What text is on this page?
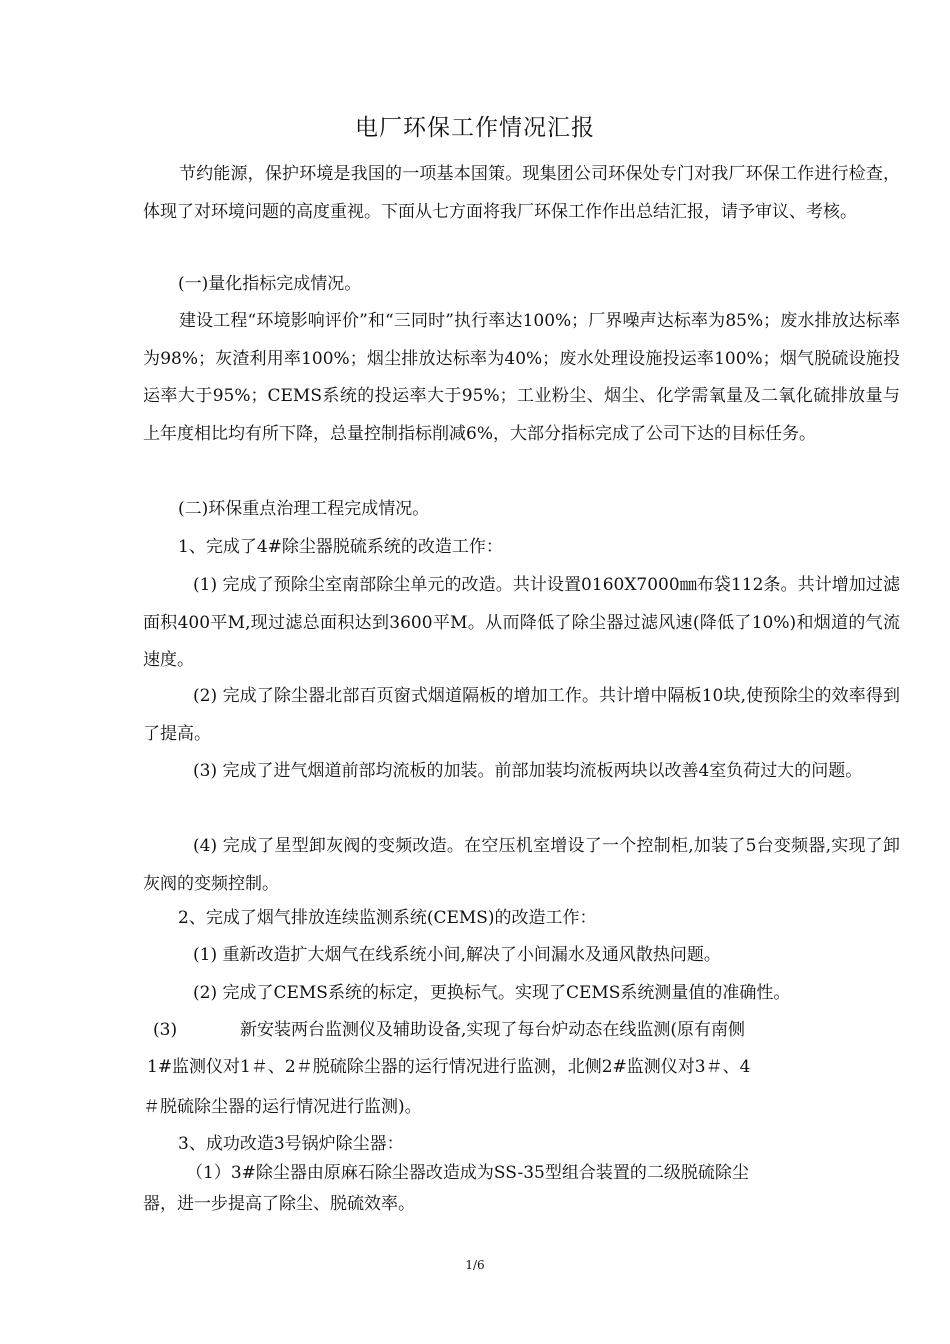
电厂环保工作情况汇报

节约能源，保护环境是我国的一项基本国策。现集团公司环保处专门对我厂环保工作进行检查，体现了对环境问题的高度重视。下面从七方面将我厂环保工作作出总结汇报，请予审议、考核。

(一)量化指标完成情况。

建设工程“环境影响评价”和“三同时”执行率达100%；厂界噪声达标率为85%；废水排放达标率为98%；灰渣利用率100%；烟尘排放达标率为40%；废水处理设施投运率100%；烟气脱硫设施投运率大于95%；CEMS系统的投运率大于95%；工业粉尘、烟尘、化学需氧量及二氧化硫排放量与上年度相比均有所下降，总量控制指标削减6%，大部分指标完成了公司下达的目标任务。

(二)环保重点治理工程完成情况。
1、完成了4#除尘器脱硫系统的改造工作：

(1) 完成了预除尘室南部除尘单元的改造。共计设置0160X7000㎜布袋112条。共计增加过滤面积400平M,现过滤总面积达到3600平M。从而降低了除尘器过滤风速(降低了10%)和烟道的气流速度。

(2) 完成了除尘器北部百页窗式烟道隔板的增加工作。共计增中隔板10块,使预除尘的效率得到了提高。

(3) 完成了进气烟道前部均流板的加装。前部加装均流板两块以改善4室负荷过大的问题。

(4) 完成了星型卸灰阀的变频改造。在空压机室增设了一个控制柜,加装了5台变频器,实现了卸灰阀的变频控制。

2、完成了烟气排放连续监测系统(CEMS)的改造工作：
(1) 重新改造扩大烟气在线系统小间,解决了小间漏水及通风散热问题。
(2) 完成了CEMS系统的标定，更换标气。实现了CEMS系统测量值的准确性。
(3)	新安装两台监测仪及辅助设备,实现了每台炉动态在线监测(原有南侧
1#监测仪对1＃、2＃脱硫除尘器的运行情况进行监测，北侧2#监测仪对3＃、4
＃脱硫除尘器的运行情况进行监测)。
3、成功改造3号锅炉除尘器：
（1）3#除尘器由原麻石除尘器改造成为SS-35型组合装置的二级脱硫除尘
器，进一步提高了除尘、脱硫效率。
1/6
